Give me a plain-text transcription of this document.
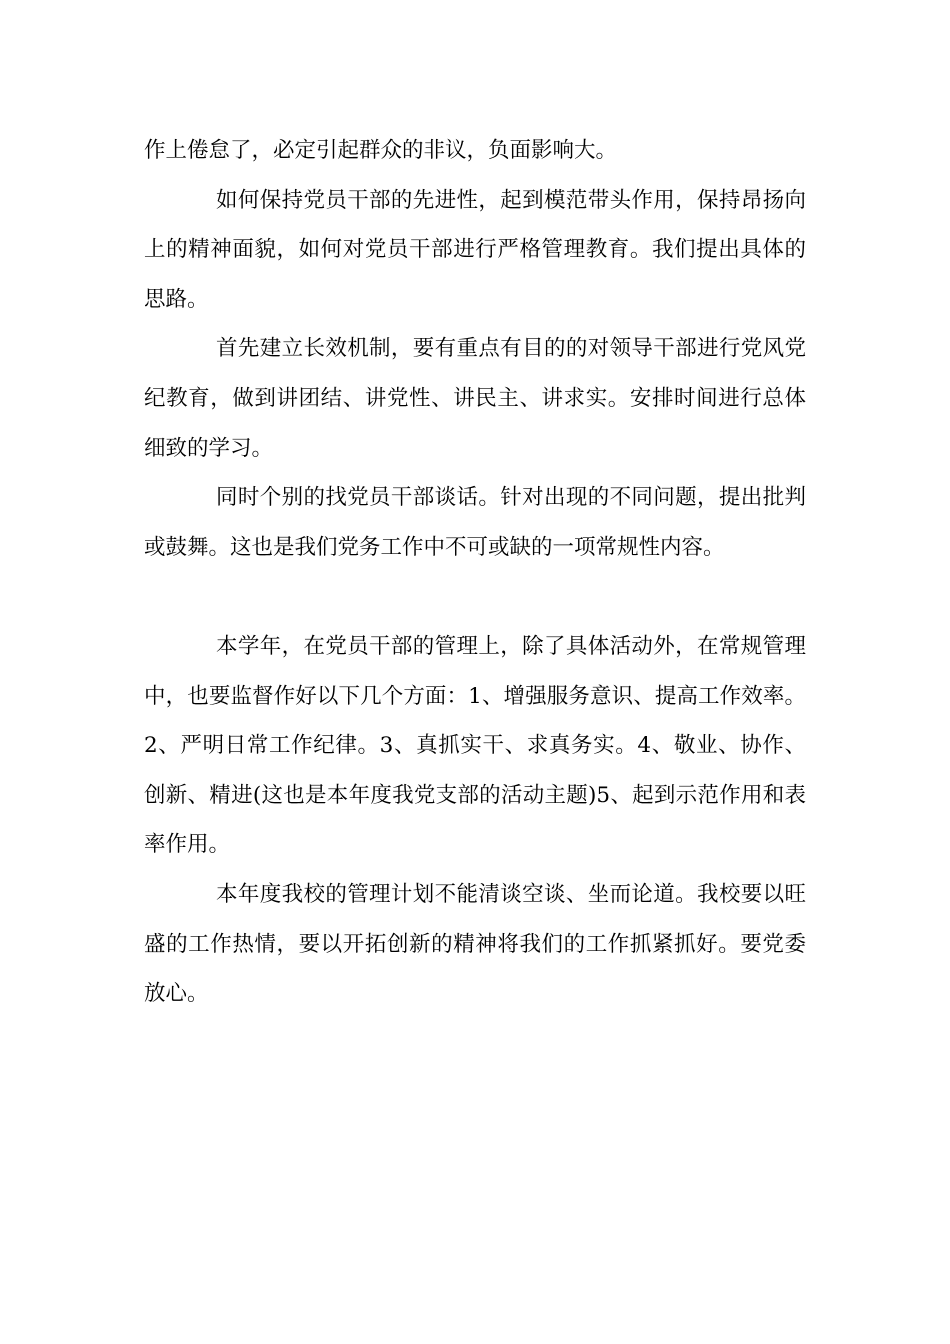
作上倦怠了，必定引起群众的非议，负面影响大。

如何保持党员干部的先进性，起到模范带头作用，保持昂扬向上的精神面貌，如何对党员干部进行严格管理教育。我们提出具体的思路。

首先建立长效机制，要有重点有目的的对领导干部进行党风党纪教育，做到讲团结、讲党性、讲民主、讲求实。安排时间进行总体细致的学习。

同时个别的找党员干部谈话。针对出现的不同问题，提出批判或鼓舞。这也是我们党务工作中不可或缺的一项常规性内容。

本学年，在党员干部的管理上，除了具体活动外，在常规管理中，也要监督作好以下几个方面：1、增强服务意识、提高工作效率。2、严明日常工作纪律。3、真抓实干、求真务实。4、敬业、协作、创新、精进(这也是本年度我党支部的活动主题)5、起到示范作用和表率作用。

本年度我校的管理计划不能清谈空谈、坐而论道。我校要以旺盛的工作热情，要以开拓创新的精神将我们的工作抓紧抓好。要党委放心。
